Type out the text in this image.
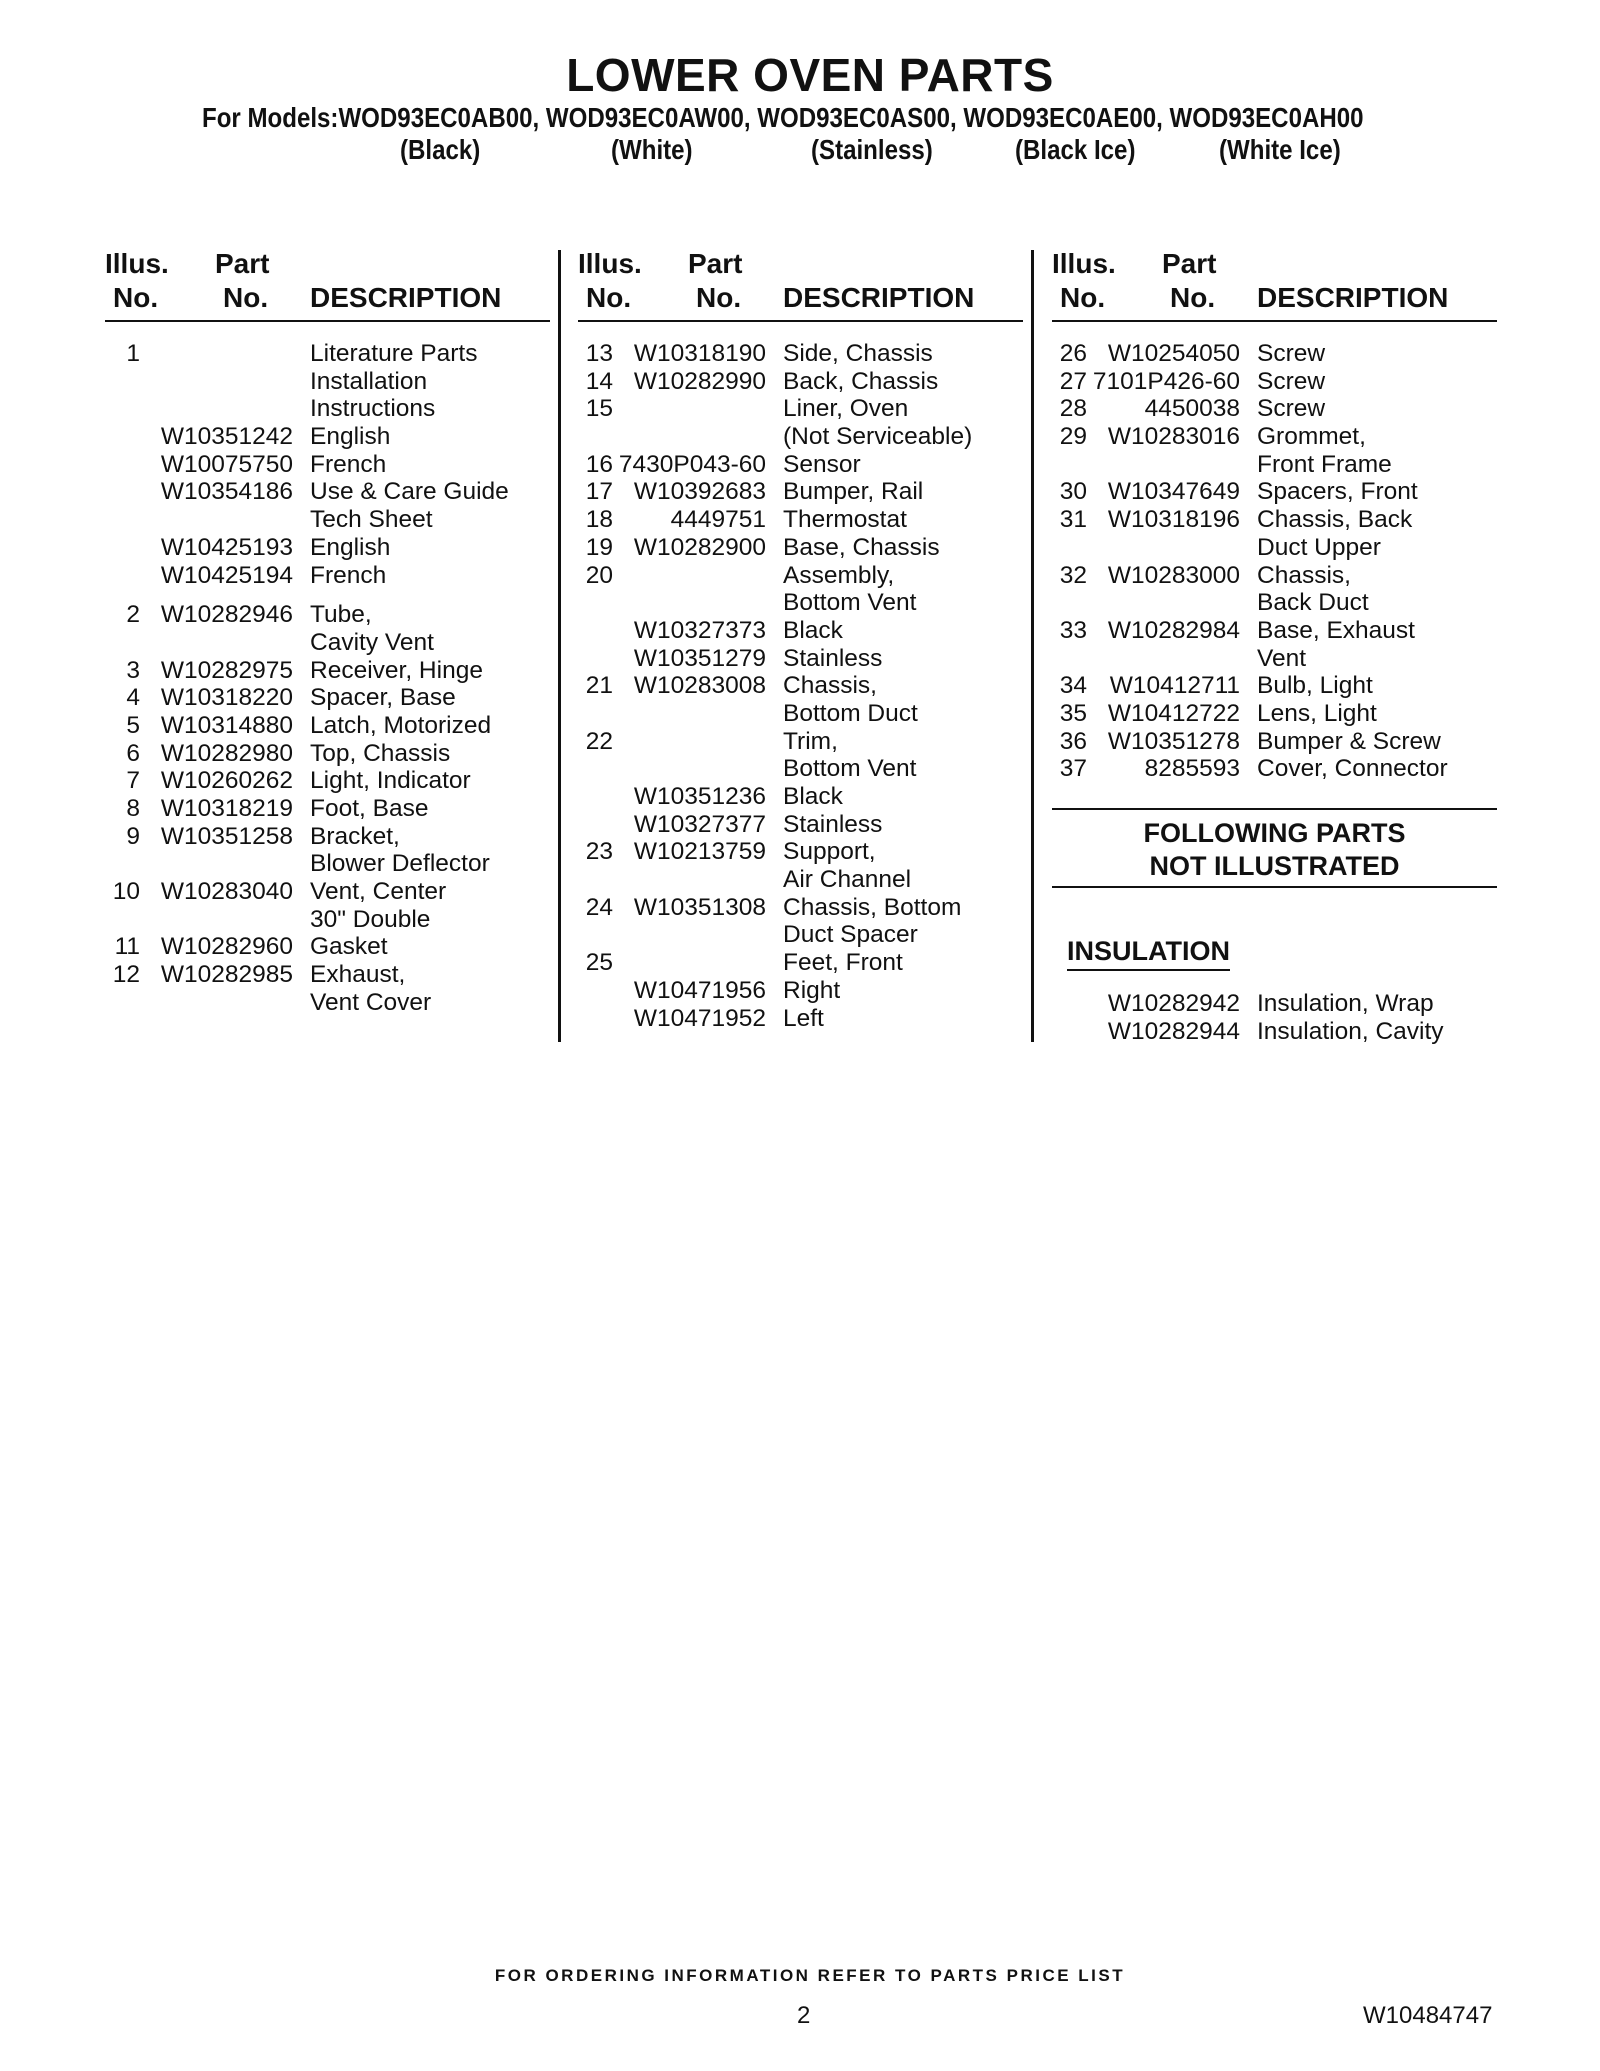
LOWER OVEN PARTS
For Models:WOD93EC0AB00, WOD93EC0AW00, WOD93EC0AS00, WOD93EC0AE00, WOD93EC0AH00
(Black)	(White)	(Stainless)	(Black Ice)	(White Ice)
Illus.
No.
Part
No. DESCRIPTION
1	Literature Parts
Installation
Instructions
W10351242 English
W10075750 French
W10354186 Use & Care Guide
Tech Sheet
W10425193 English
W10425194 French
2 W10282946 Tube,
Cavity Vent
3 W10282975 Receiver, Hinge
4 W10318220 Spacer, Base
5 W10314880 Latch, Motorized
6 W10282980 Top, Chassis
7 W10260262 Light, Indicator
8 W10318219 Foot, Base
9 W10351258 Bracket,
Blower Deflector
10 W10283040 Vent, Center
30" Double
11 W10282960 Gasket
12 W10282985 Exhaust,
Vent Cover
Illus.
No.
Part
No. DESCRIPTION
13 W10318190 Side, Chassis
14 W10282990 Back, Chassis
15	Liner, Oven
(Not Serviceable)
16 7430P043-60 Sensor
17 W10392683 Bumper, Rail
18 4449751 Thermostat
19 W10282900 Base, Chassis
20	Assembly,
Bottom Vent
W10327373 Black
W10351279 Stainless
21 W10283008 Chassis,
Bottom Duct
22	Trim,
Bottom Vent
W10351236 Black
W10327377 Stainless
23 W10213759 Support,
Air Channel
24 W10351308 Chassis, Bottom
Duct Spacer
25	Feet, Front
W10471956 Right
W10471952 Left
Illus.
No.
Part
No. DESCRIPTION
26 W10254050 Screw
27 7101P426-60 Screw
28 4450038 Screw
29 W10283016 Grommet,
Front Frame
30 W10347649 Spacers, Front
31 W10318196 Chassis, Back
Duct Upper
32 W10283000 Chassis,
Back Duct
33 W10282984 Base, Exhaust
Vent
34 W10412711 Bulb, Light
35 W10412722 Lens, Light
36 W10351278 Bumper & Screw
37 8285593 Cover, Connector
FOLLOWING PARTS
NOT ILLUSTRATED
INSULATION
W10282942 Insulation, Wrap
W10282944 Insulation, Cavity
FOR ORDERING INFORMATION REFER TO PARTS PRICE LIST
2	W10484747
